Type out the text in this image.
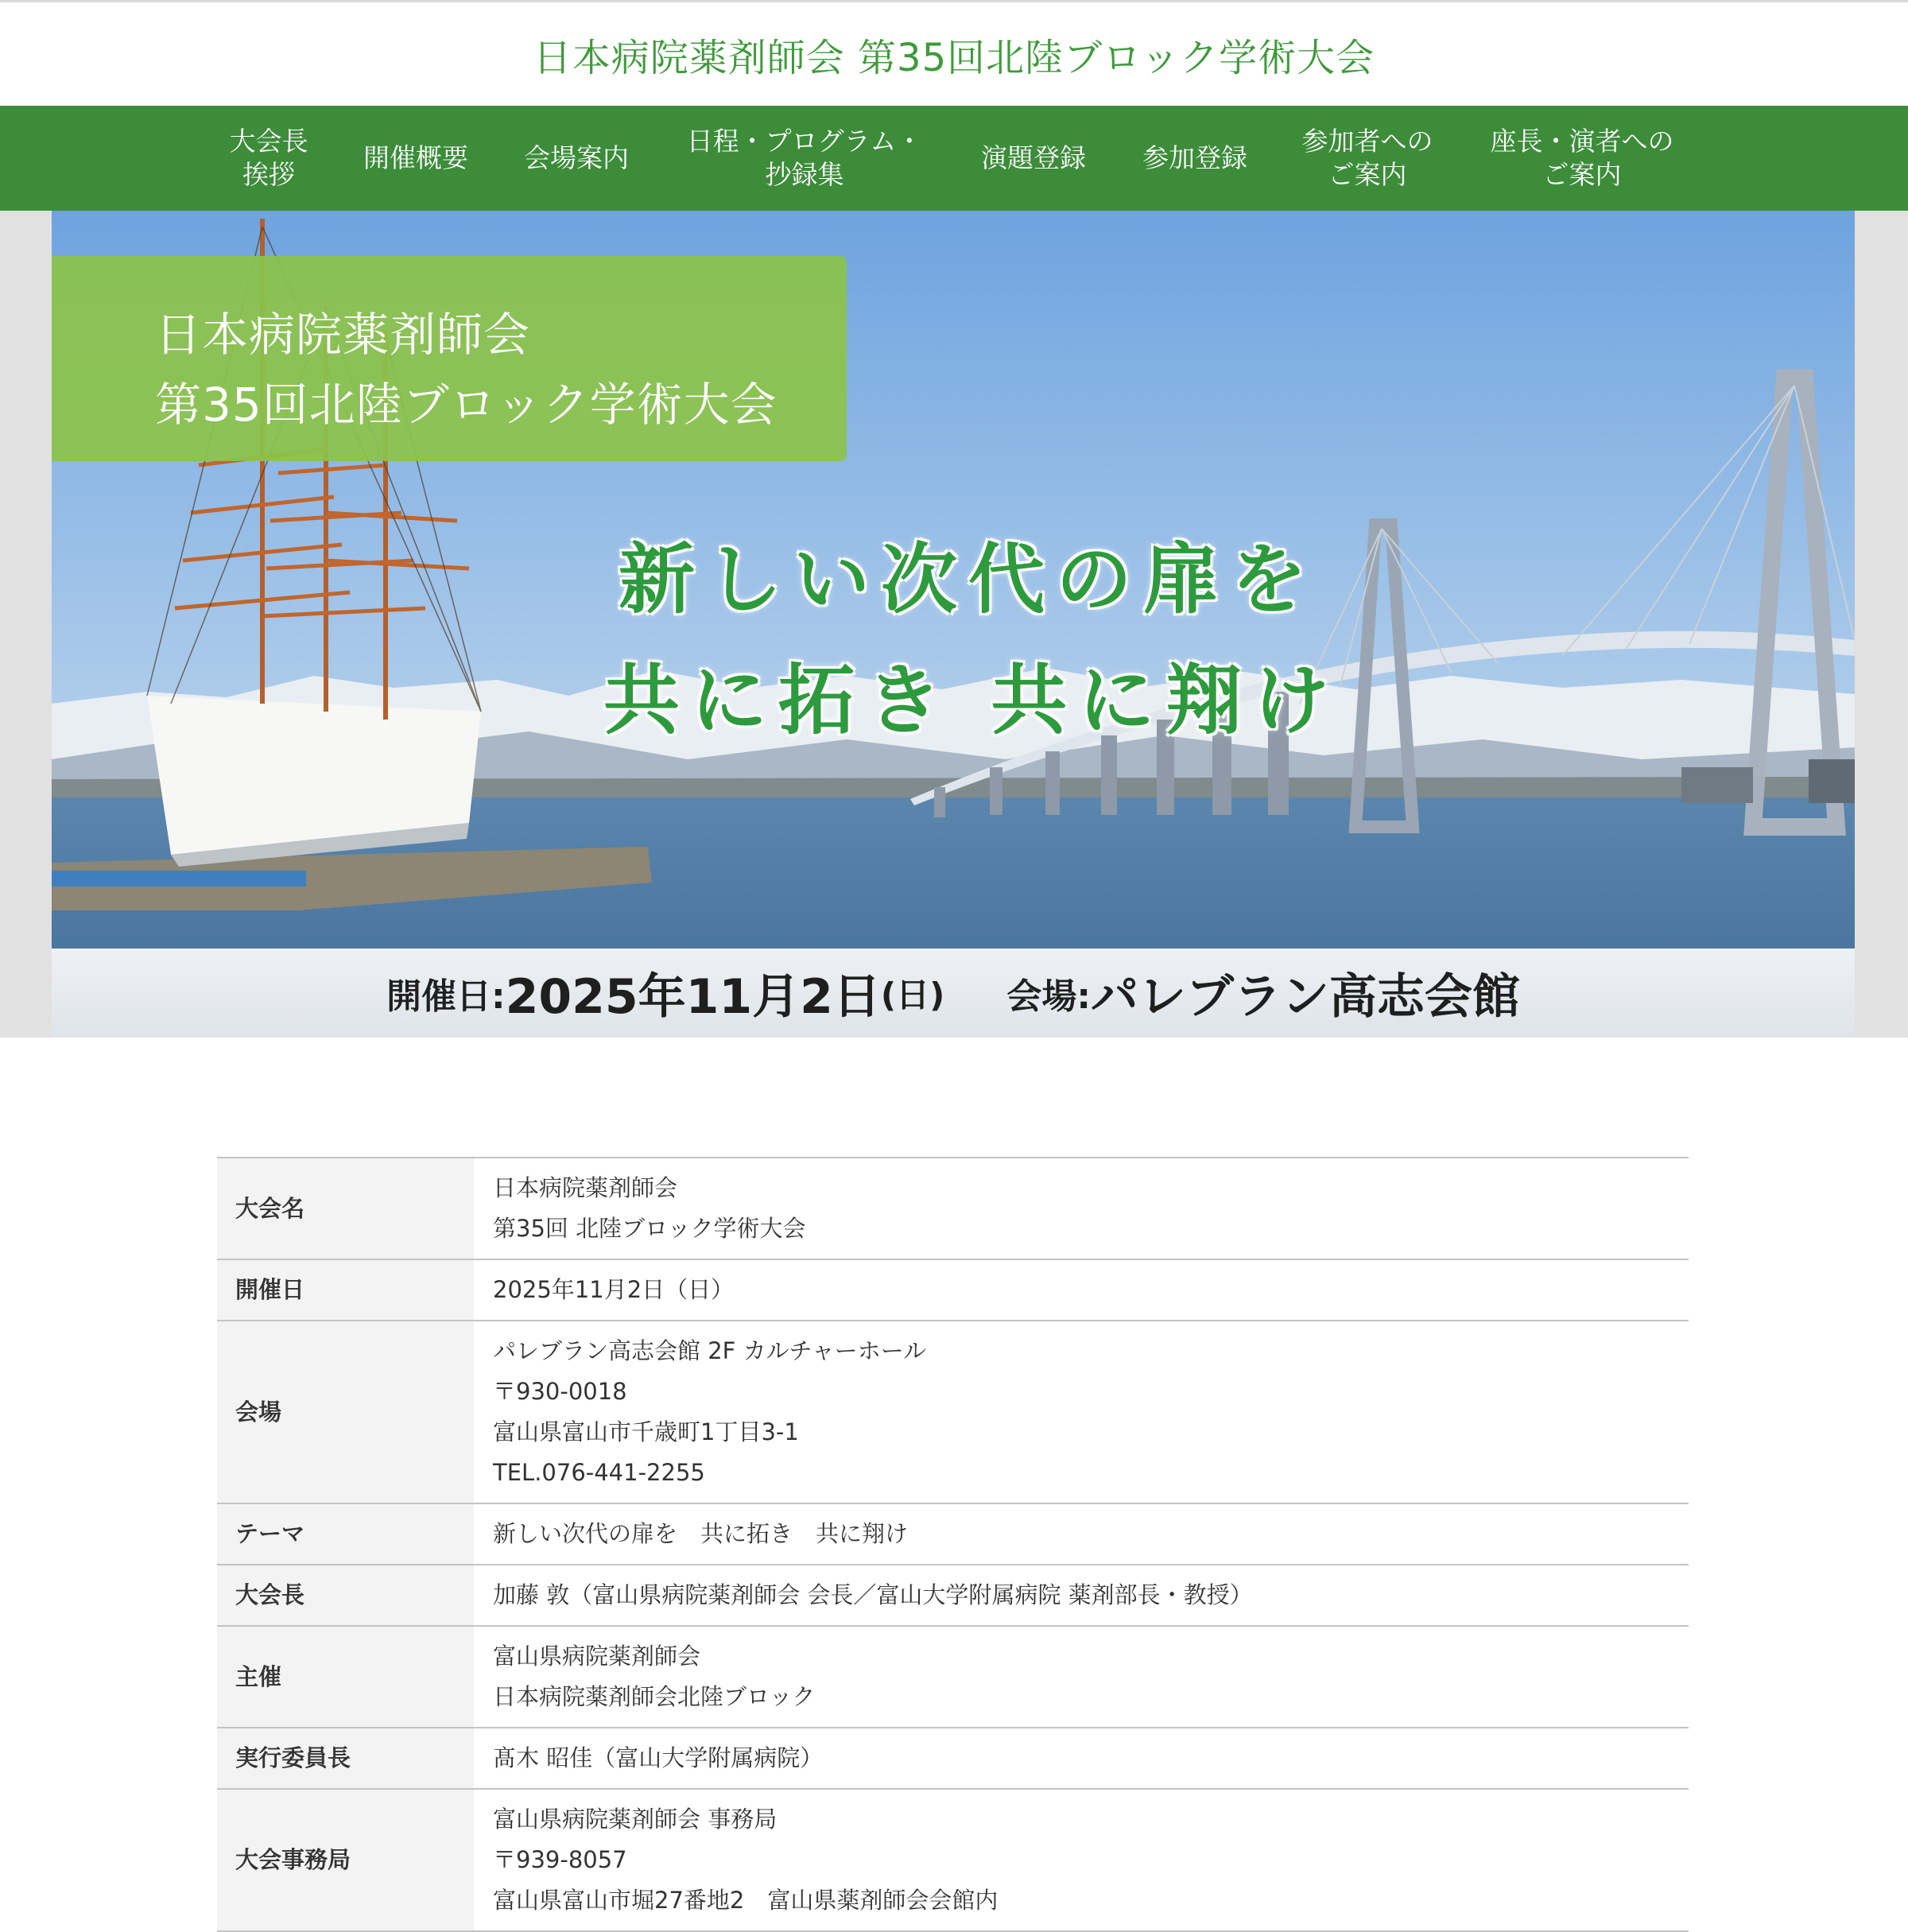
日本病院薬剤師会 第35回北陸ブロック学術大会
大会長
挨拶
開催概要 会場案内
日程・プログラム・
抄録集
演題登録 参加登録
参加者への
ご案内
座長・演者への
ご案内
日本病院薬剤師会
第35回北陸ブロック学術大会
新しい次代の扉を
共に拓き 共に翔け
開催日: 2025年11月2日 (日) 会場: パレブラン高志会館
大会名	日本病院薬剤師会
第35回 北陸ブロック学術大会

開催日	2025年11月2日（日）

会場	パレブラン高志会館 2F カルチャーホール
〒930-0018
富山県富山市千歳町1丁目3-1
TEL.076-441-2255

テーマ	新しい次代の扉を　共に拓き　共に翔け

大会長	加藤 敦（富山県病院薬剤師会 会長／富山大学附属病院 薬剤部長・教授）

主催	富山県病院薬剤師会
日本病院薬剤師会北陸ブロック

実行委員長	髙木 昭佳（富山大学附属病院）

大会事務局	富山県病院薬剤師会 事務局
〒939-8057
富山県富山市堀27番地2　富山県薬剤師会会館内
